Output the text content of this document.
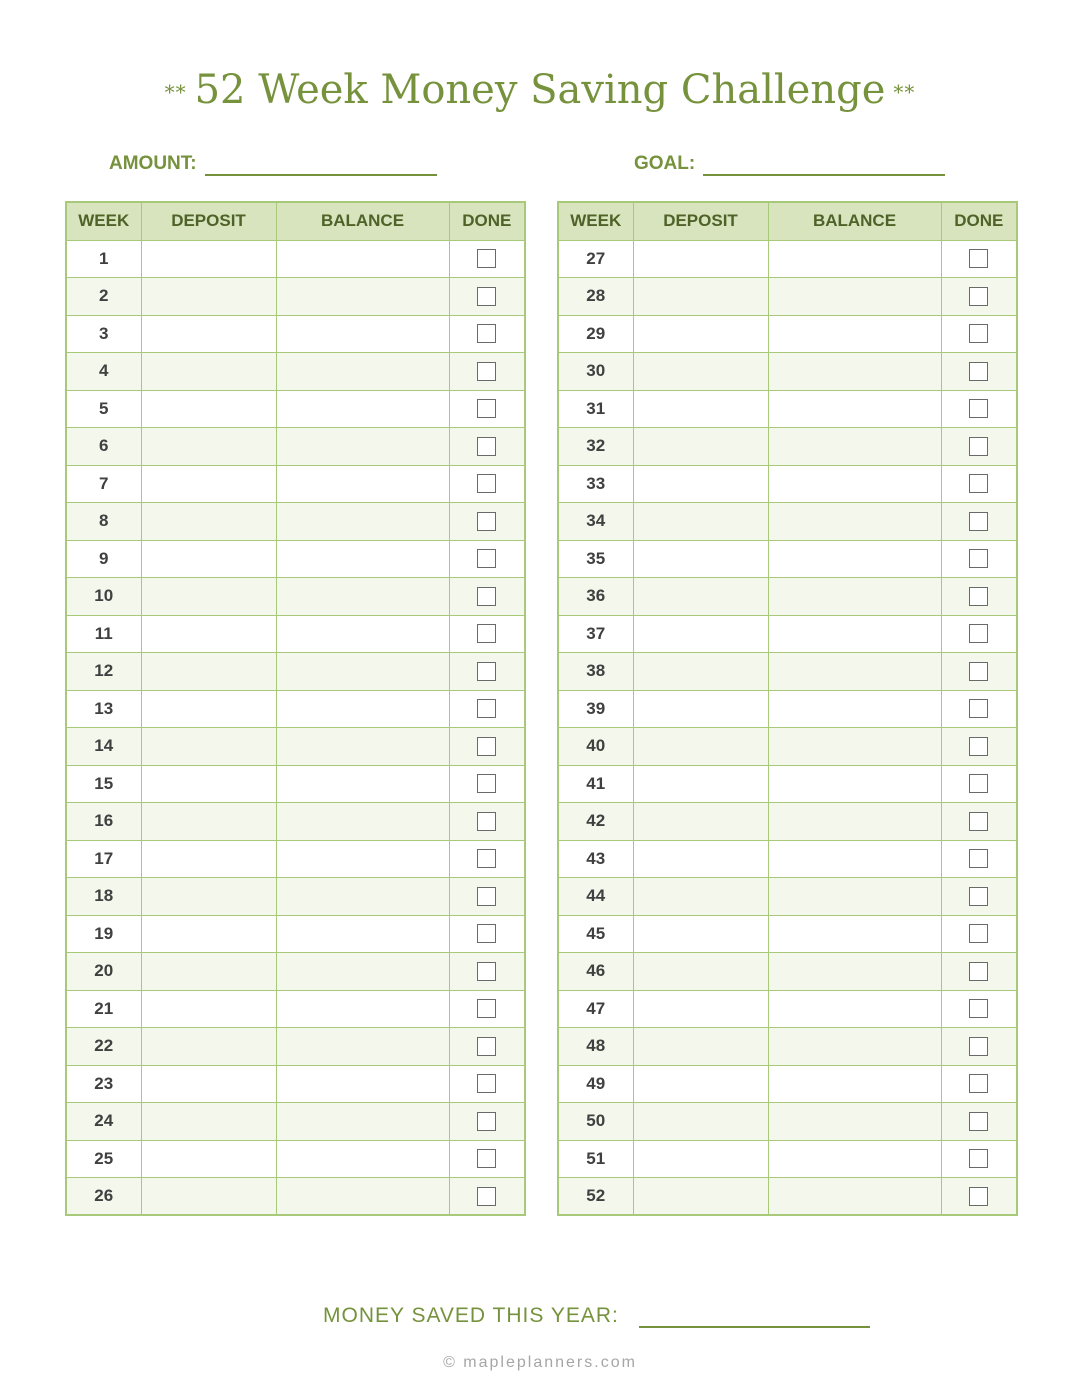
** 52 Week Money Saving Challenge **
AMOUNT:	GOAL:
WEEK	DEPOSIT	BALANCE	DONE
1			
2			
3			
4			
5			
6			
7			
8			
9			
10			
11			
12			
13			
14			
15			
16			
17			
18			
19			
20			
21			
22			
23			
24			
25			
26			
WEEK	DEPOSIT	BALANCE	DONE
27			
28			
29			
30			
31			
32			
33			
34			
35			
36			
37			
38			
39			
40			
41			
42			
43			
44			
45			
46			
47			
48			
49			
50			
51			
52			
MONEY SAVED THIS YEAR:
© mapleplanners.com
